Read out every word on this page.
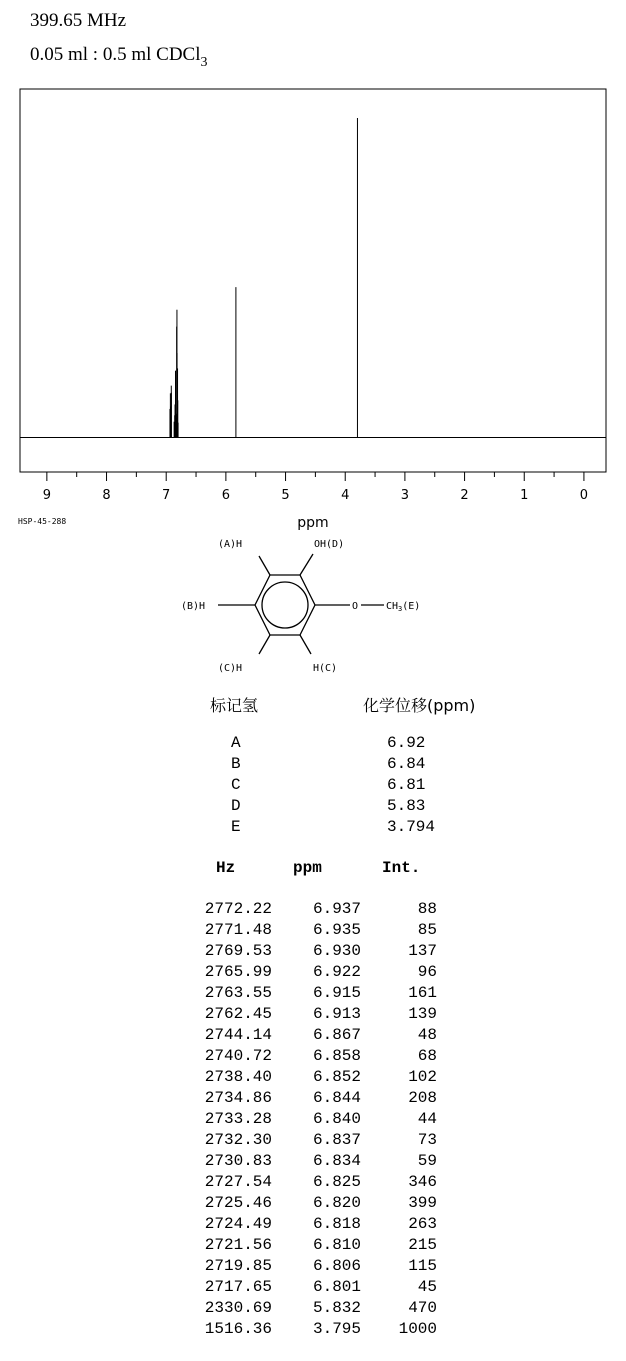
399.65 MHz
0.05 ml : 0.5 ml CDCl$_3$
9	8	7	6	5	4	3	2	1	0
ppm
HSP-45-288
(A)H	OH(D)
(B)H	O	$CH_3(E)$
(C)H	H(C)
标记氢	化学位移(ppm)
A	6.92
B	6.84
C	6.81
D	5.83
E	3.794
Hz	ppm	Int.
2772.22	6.937	88
2771.48	6.935	85
2769.53	6.930	137
2765.99	6.922	96
2763.55	6.915	161
2762.45	6.913	139
2744.14	6.867	48
2740.72	6.858	68
2738.40	6.852	102
2734.86	6.844	208
2733.28	6.840	44
2732.30	6.837	73
2730.83	6.834	59
2727.54	6.825	346
2725.46	6.820	399
2724.49	6.818	263
2721.56	6.810	215
2719.85	6.806	115
2717.65	6.801	45
2330.69	5.832	470
1516.36	3.795 1000
